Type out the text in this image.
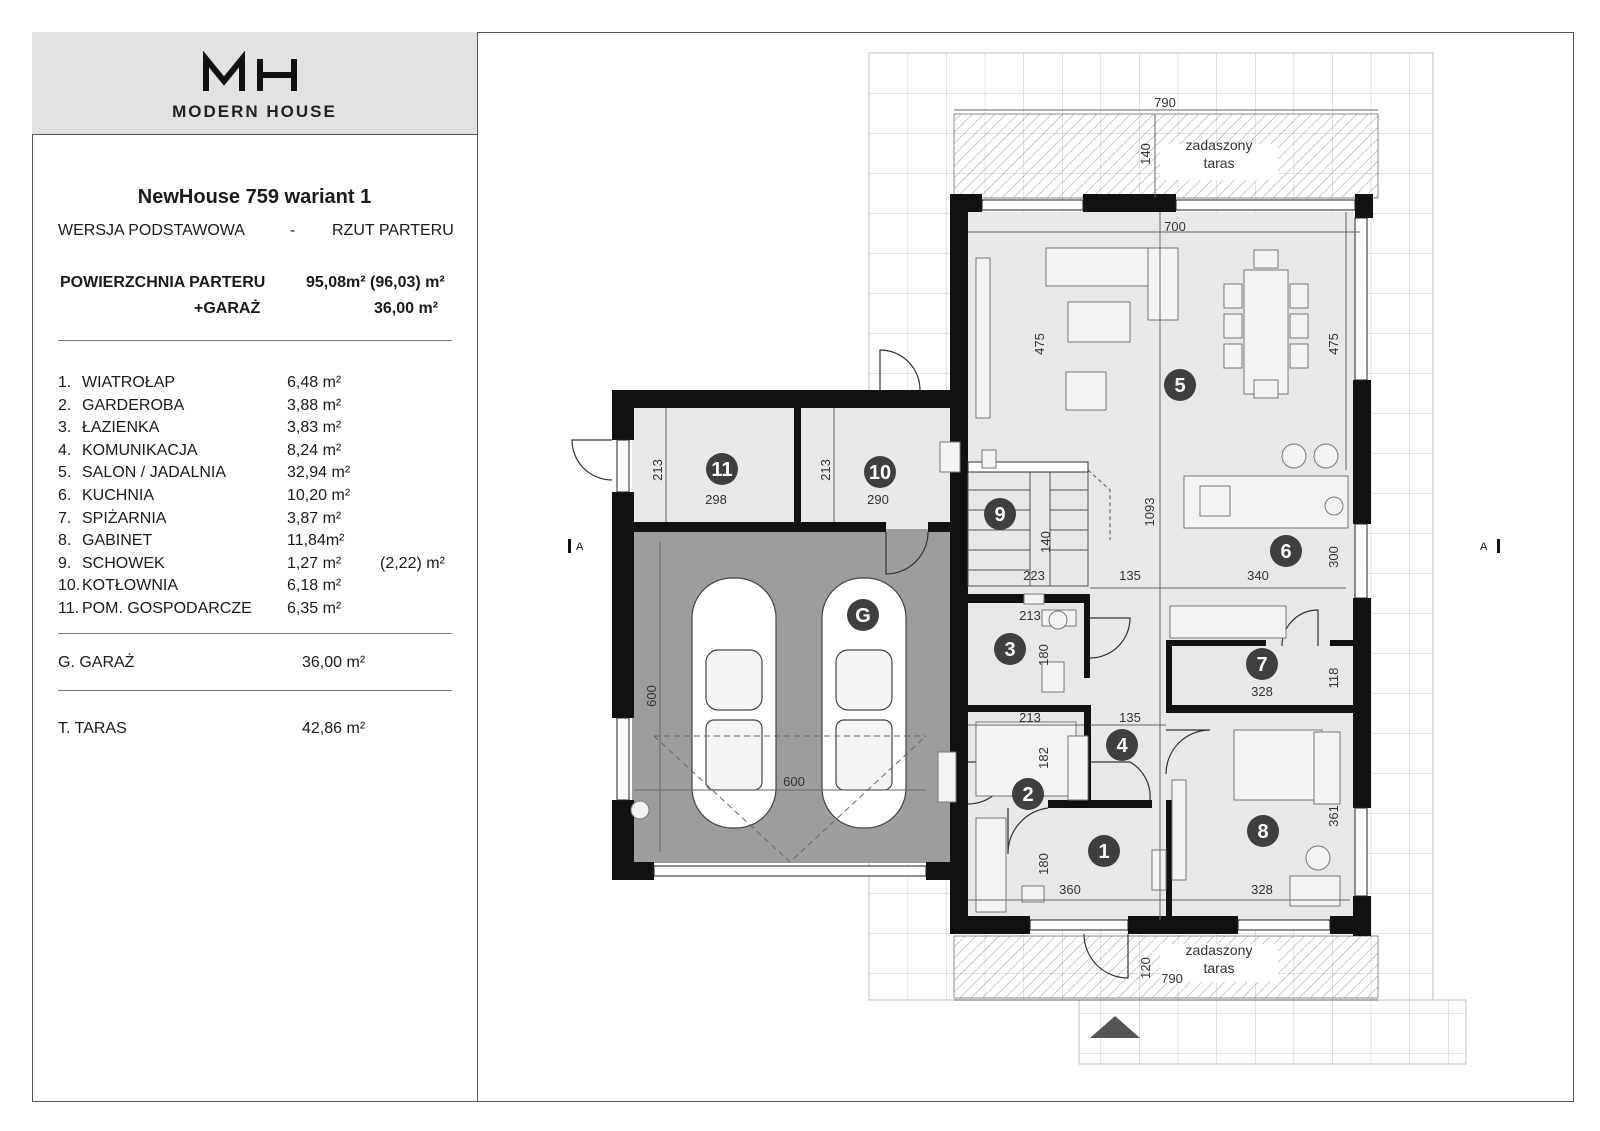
MODERN HOUSE
NewHouse 759 wariant 1
WERSJA PODSTAWOWA	- RZUT PARTERU
POWIERZCHNIA PARTERU	95,08m² (96,03) m²
+GARAŻ	36,00 m²
1. WIATROŁAP	6,48 m²
2. GARDEROBA	3,88 m²
3. ŁAZIENKA	3,83 m²
4. KOMUNIKACJA	8,24 m²
5. SALON / JADALNIA	32,94 m²
6. KUCHNIA	10,20 m²
7. SPIŻARNIA	3,87 m²
8. GABINET	11,84m²
9. SCHOWEK	1,27 m² (2,22) m²
10. KOTŁOWNIA	6,18 m²
11. POM. GOSPODARCZE 6,35 m²
G. GARAŻ	36,00 m²
T. TARAS	42,86 m²
zadaszony
taras
zadaszony
taras
1
2
3
4
5
6
7
8
9
10
11
G
790
140
700
475	475
1093
213
298
213
290
600
600
223	135	340
300
213
180
328
118
213	135
182
180
360	328
361
120 790
140
A	A
